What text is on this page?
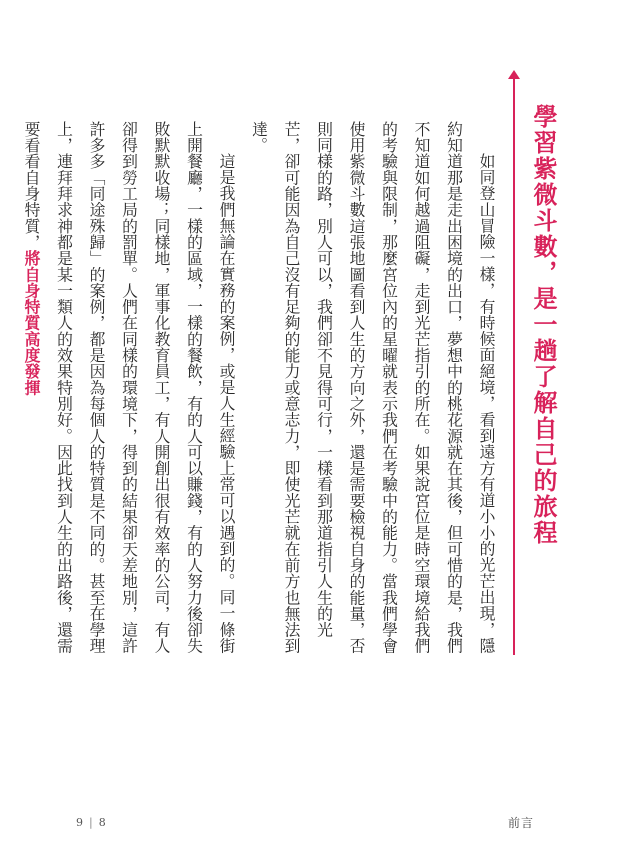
學習紫微斗數，是一趟了解自己的旅程

如同登山冒險一樣，有時候面絕境，看到遠方有道小小的光芒出現，隱約知道那是走出困境的出口，夢想中的桃花源就在其後，但可惜的是，我們不知道如何越過阻礙，走到光芒指引的所在。如果說宮位是時空環境給我們的考驗與限制，那麼宮位內的星曜就表示我們在考驗中的能力。當我們學會使用紫微斗數這張地圖看到人生的方向之外，還是需要檢視自身的能量，否則同樣的路，別人可以，我們卻不見得可行，一樣看到那道指引人生的光芒，卻可能因為自己沒有足夠的能力或意志力，即使光芒就在前方也無法到達。

這是我們無論在實務的案例，或是人生經驗上常可以遇到的。同一條街上開餐廳，一樣的區域，一樣的餐飲，有的人可以賺錢，有的人努力後卻失敗默默收場；同樣地，軍事化教育員工，有人開創出很有效率的公司，有人卻得到勞工局的罰單。人們在同樣的環境下，得到的結果卻天差地別，這許許多多「同途殊歸」的案例，都是因為每個人的特質是不同的。甚至在學理上，連拜拜求神都是某一類人的效果特別好。因此找到人生的出路後，還需要看看自身特質，將自身特質高度發揮

9 | 8	前言
